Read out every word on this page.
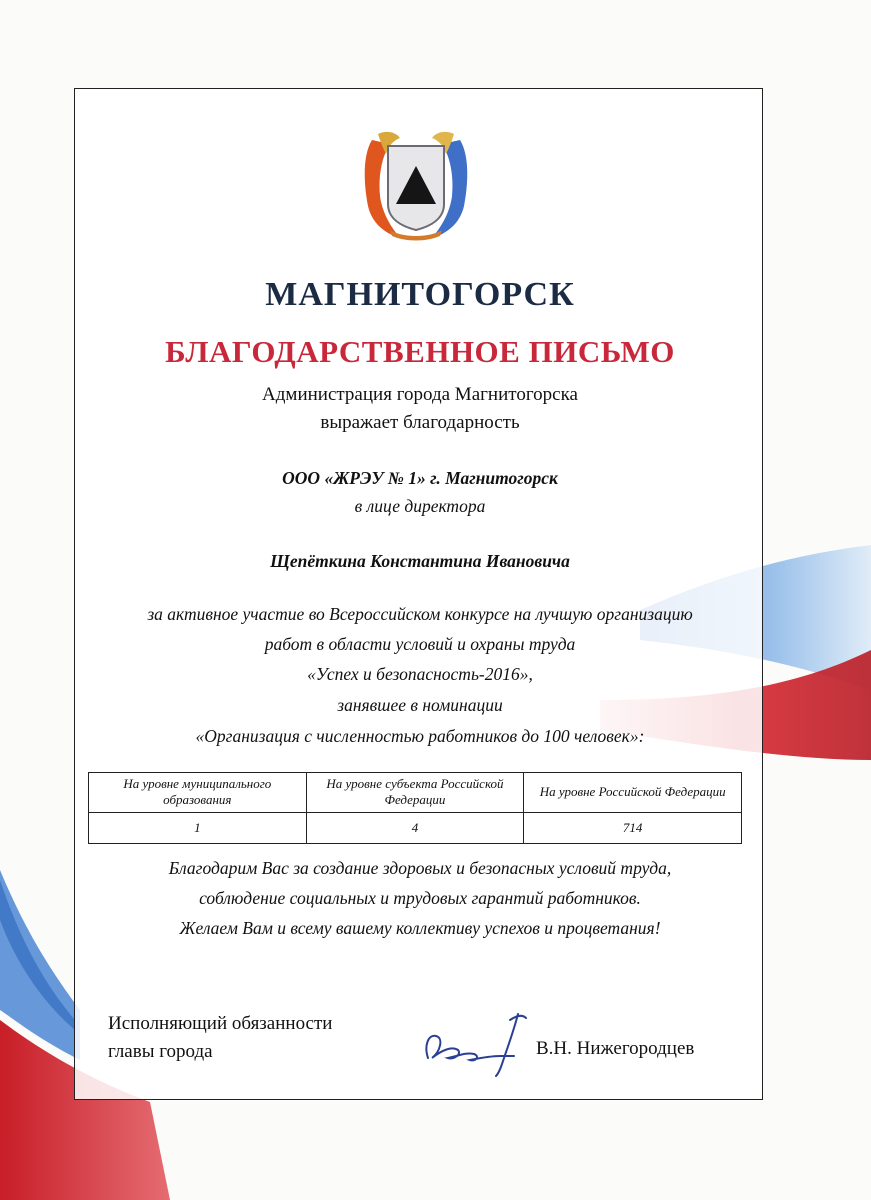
МАГНИТОГОРСК
БЛАГОДАРСТВЕННОЕ ПИСЬМО
Администрация города Магнитогорска
выражает благодарность
ООО «ЖРЭУ № 1» г. Магнитогорск
в лице директора
Щепёткина Константина Ивановича
за активное участие во Всероссийском конкурсе на лучшую организацию
работ в области условий и охраны труда
«Успех и безопасность-2016»,
занявшее в номинации
«Организация с численностью работников до 100 человек»:
На уровне муниципального образования	На уровне субъекта Российской Федерации	На уровне Российской Федерации
1	4	714
Благодарим Вас за создание здоровых и безопасных условий труда,
соблюдение социальных и трудовых гарантий работников.
Желаем Вам и всему вашему коллективу успехов и процветания!
Исполняющий обязанности
главы города	В.Н. Нижегородцев
